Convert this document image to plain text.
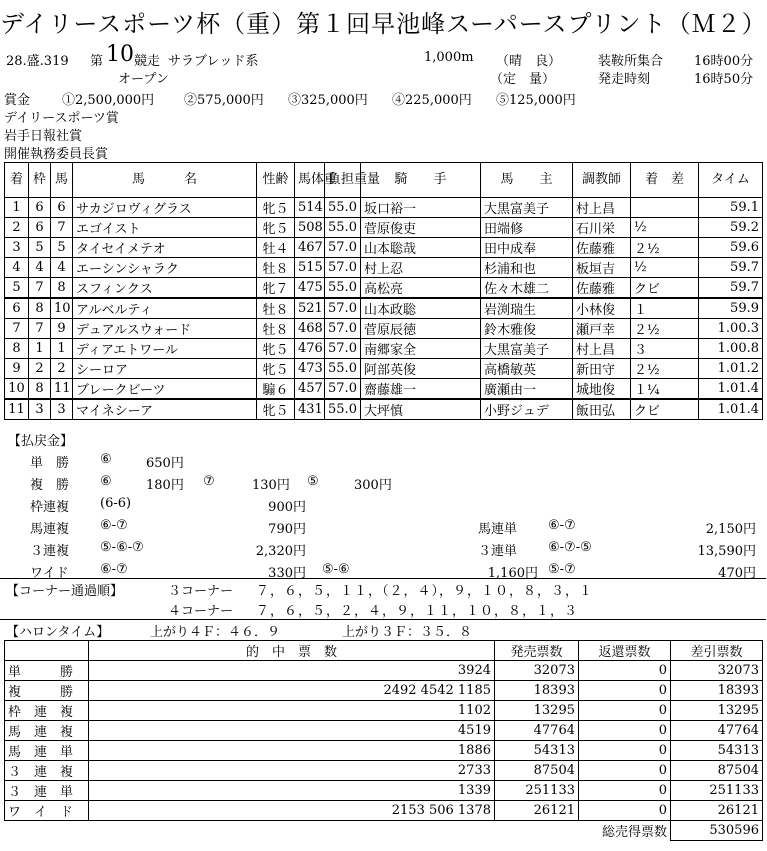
デイリースポーツ杯（重）第１回早池峰スーパースプリント（Ｍ２）
28.盛.319 第 10 競走 サラブレッド系
オープン
1,000m （晴　良）
（定　量）
装鞍所集合 16時00分
発走時刻	16時50分
賞金 ①2,500,000円 ②575,000円 ③325,000円 ④225,000円 ⑤125,000円
デイリースポーツ賞
岩手日報社賞
開催執務委員長賞
着	枠	馬	馬　　　名	性齢	馬体重	負担重量	騎　　手	馬　　主	調教師	着　差	タイム
1	6	6	サカジロヴィグラス	牝５	514	55.0	坂口裕一	大黒富美子	村上昌		59.1
2	6	7	エゴイスト	牝５	508	55.0	菅原俊吏	田端修	石川栄	½	59.2
3	5	5	タイセイメテオ	牡４	467	57.0	山本聡哉	田中成奉	佐藤雅	２½	59.6
4	4	4	エーシンシャラク	牡８	515	57.0	村上忍	杉浦和也	板垣吉	½	59.7
5	7	8	スフィンクス	牝７	475	55.0	高松亮	佐々木雄二	佐藤雅	クビ	59.7
6	8	10	アルベルティ	牡８	521	57.0	山本政聡	岩渕瑞生	小林俊	１	59.9
7	7	9	デュアルスウォード	牡８	468	57.0	菅原辰徳	鈴木雅俊	瀬戸幸	２½	1.00.3
8	1	1	ディアエトワール	牝５	476	57.0	南郷家全	大黒富美子	村上昌	３	1.00.8
9	2	2	シーロア	牝５	473	55.0	阿部英俊	高橋敏英	新田守	２½	1.01.2
10	8	11	ブレークビーツ	騸６	457	57.0	齋藤雄一	廣瀬由一	城地俊	１¼	1.01.4
11	3	3	マイネシーア	牝５	431	55.0	大坪慎	小野ジュデ	飯田弘	クビ	1.01.4
【払戻金】
単　勝 ⑥	650円
複　勝 ⑥	180円 ⑦	130円 ⑤	300円
枠連複 (6-6)	900円
馬連複 ⑥-⑦	790円	馬連単 ⑥-⑦	2,150円
３連複 ⑤-⑥-⑦	2,320円	３連単 ⑥-⑦-⑤	13,590円
ワイド ⑥-⑦	330円 ⑤-⑥	1,160円 ⑤-⑦	470円
【コーナー通過順】	３コーナー ７，６，５，１１，（２，４），９，１０，８，３，１
４コーナー ７，６，５，２，４，９，１１，１０，８，１，３
【ハロンタイム】	上がり４Ｆ：４６．９	上がり３Ｆ：３５．８
	的　中　票　数	発売票数	返還票数	差引票数
単　　　勝	3924	32073	0	32073
複　　　勝	2492 4542 1185	18393	0	18393
枠　連　複	1102	13295	0	13295
馬　連　複	4519	47764	0	47764
馬　連　単	1886	54313	0	54313
３　連　複	2733	87504	0	87504
３　連　単	1339	251133	0	251133
ワ　イ　ド	2153 506 1378	26121	0	26121
		総売得票数		530596
